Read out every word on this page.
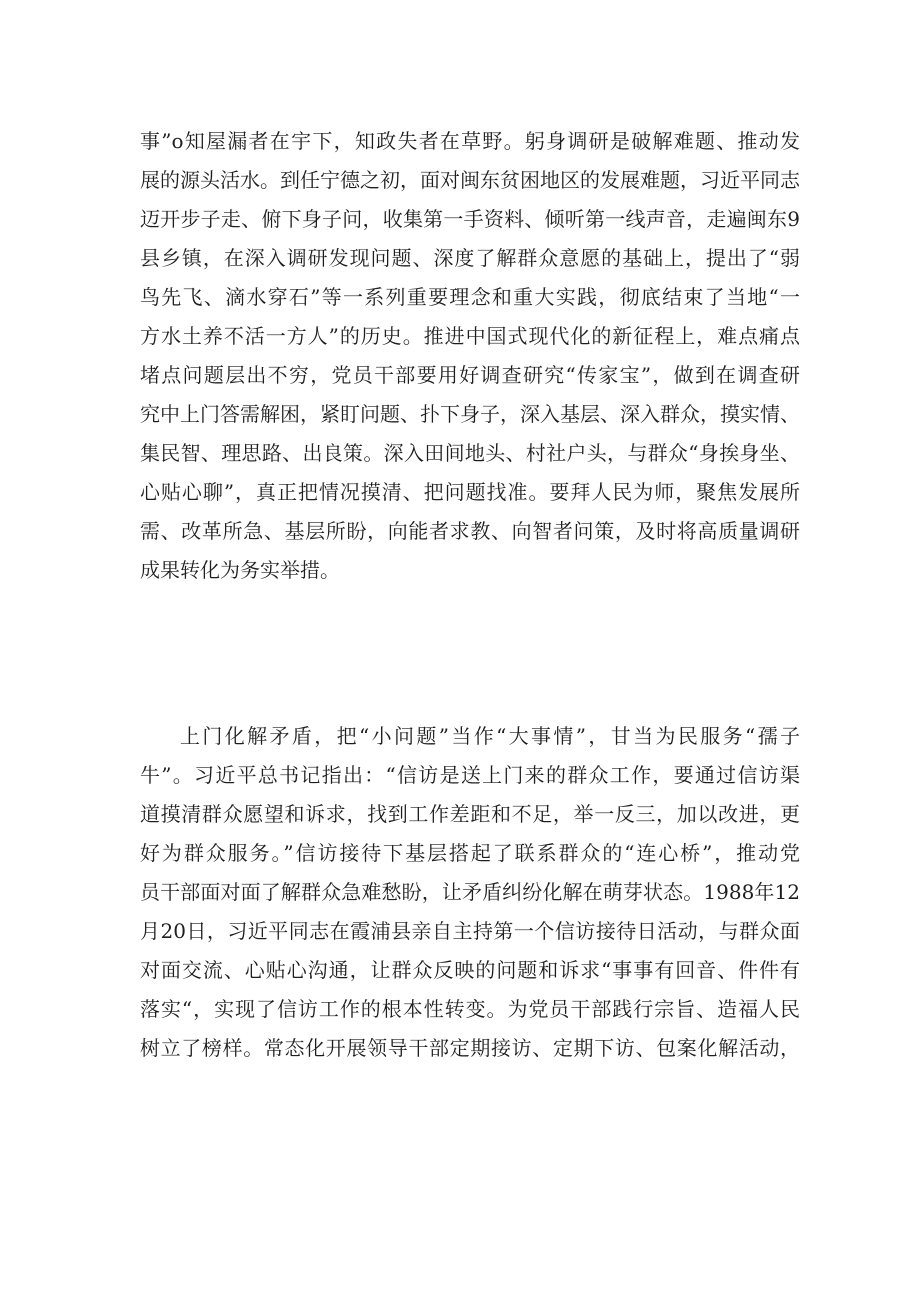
事”o知屋漏者在宇下，知政失者在草野。躬身调研是破解难题、推动发
展的源头活水。到任宁德之初，面对闽东贫困地区的发展难题，习近平同志
迈开步子走、俯下身子问，收集第一手资料、倾听第一线声音，走遍闽东9
县乡镇，在深入调研发现问题、深度了解群众意愿的基础上，提出了“弱
鸟先飞、滴水穿石”等一系列重要理念和重大实践，彻底结束了当地“一
方水土养不活一方人”的历史。推进中国式现代化的新征程上，难点痛点
堵点问题层出不穷，党员干部要用好调查研究“传家宝”，做到在调查研
究中上门答需解困，紧盯问题、扑下身子，深入基层、深入群众，摸实情、
集民智、理思路、出良策。深入田间地头、村社户头，与群众“身挨身坐、
心贴心聊”，真正把情况摸清、把问题找准。要拜人民为师，聚焦发展所
需、改革所急、基层所盼，向能者求教、向智者问策，及时将高质量调研
成果转化为务实举措。
上门化解矛盾，把“小问题”当作“大事情”，甘当为民服务“孺子
牛”。习近平总书记指出：“信访是送上门来的群众工作，要通过信访渠
道摸清群众愿望和诉求，找到工作差距和不足，举一反三，加以改进，更
好为群众服务。”信访接待下基层搭起了联系群众的“连心桥”，推动党
员干部面对面了解群众急难愁盼，让矛盾纠纷化解在萌芽状态。1988年12
月20日，习近平同志在霞浦县亲自主持第一个信访接待日活动，与群众面
对面交流、心贴心沟通，让群众反映的问题和诉求“事事有回音、件件有
落实“，实现了信访工作的根本性转变。为党员干部践行宗旨、造福人民
树立了榜样。常态化开展领导干部定期接访、定期下访、包案化解活动，
